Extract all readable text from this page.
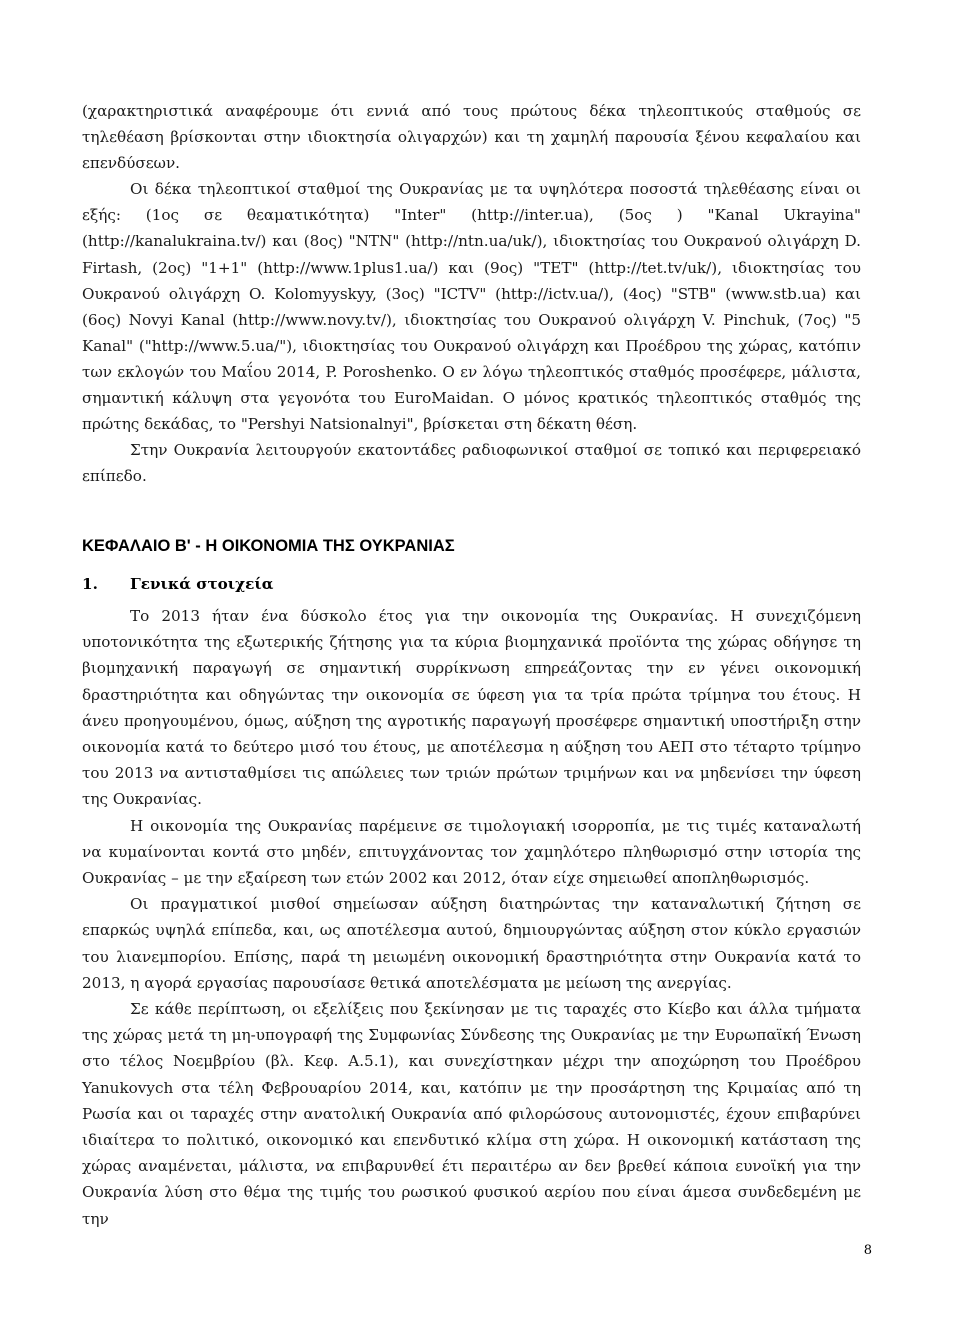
(χαρακτηριστικά αναφέρουμε ότι εννιά από τους πρώτους δέκα τηλεοπτικούς σταθμούς σε τηλεθέαση βρίσκονται στην ιδιοκτησία ολιγαρχών) και τη χαμηλή παρουσία ξένου κεφαλαίου και επενδύσεων.

Οι δέκα τηλεοπτικοί σταθμοί της Ουκρανίας με τα υψηλότερα ποσοστά τηλεθέασης είναι οι εξής: (1ος σε θεαματικότητα) "Inter" (http://inter.ua), (5ος ) "Kanal Ukrayina" (http://kanalukraina.tv/) και (8ος) "NTN" (http://ntn.ua/uk/), ιδιοκτησίας του Ουκρανού ολιγάρχη D. Firtash, (2ος) "1+1" (http://www.1plus1.ua/) και (9ος) "TET" (http://tet.tv/uk/), ιδιοκτησίας του Ουκρανού ολιγάρχη O. Kolomyyskyy, (3ος) "ICTV" (http://ictv.ua/), (4ος) "STB" (www.stb.ua) και (6ος) Novyi Kanal (http://www.novy.tv/), ιδιοκτησίας του Ουκρανού ολιγάρχη V. Pinchuk, (7ος) "5 Kanal" ("http://www.5.ua/"), ιδιοκτησίας του Ουκρανού ολιγάρχη και Προέδρου της χώρας, κατόπιν των εκλογών του Μαΐου 2014, P. Poroshenko. Ο εν λόγω τηλεοπτικός σταθμός προσέφερε, μάλιστα, σημαντική κάλυψη στα γεγονότα του EuroMaidan. Ο μόνος κρατικός τηλεοπτικός σταθμός της πρώτης δεκάδας, το "Pershyi Natsionalnyi", βρίσκεται στη δέκατη θέση.

Στην Ουκρανία λειτουργούν εκατοντάδες ραδιοφωνικοί σταθμοί σε τοπικό και περιφερειακό επίπεδο.

ΚΕΦΑΛΑΙΟ Β' - Η ΟΙΚΟΝΟΜΙΑ ΤΗΣ ΟΥΚΡΑΝΙΑΣ
1. Γενικά στοιχεία

Το 2013 ήταν ένα δύσκολο έτος για την οικονομία της Ουκρανίας. Η συνεχιζόμενη υποτονικότητα της εξωτερικής ζήτησης για τα κύρια βιομηχανικά προϊόντα της χώρας οδήγησε τη βιομηχανική παραγωγή σε σημαντική συρρίκνωση επηρεάζοντας την εν γένει οικονομική δραστηριότητα και οδηγώντας την οικονομία σε ύφεση για τα τρία πρώτα τρίμηνα του έτους. Η άνευ προηγουμένου, όμως, αύξηση της αγροτικής παραγωγή προσέφερε σημαντική υποστήριξη στην οικονομία κατά το δεύτερο μισό του έτους, με αποτέλεσμα η αύξηση του ΑΕΠ στο τέταρτο τρίμηνο του 2013 να αντισταθμίσει τις απώλειες των τριών πρώτων τριμήνων και να μηδενίσει την ύφεση της Ουκρανίας.

Η οικονομία της Ουκρανίας παρέμεινε σε τιμολογιακή ισορροπία, με τις τιμές καταναλωτή να κυμαίνονται κοντά στο μηδέν, επιτυγχάνοντας τον χαμηλότερο πληθωρισμό στην ιστορία της Ουκρανίας – με την εξαίρεση των ετών 2002 και 2012, όταν είχε σημειωθεί αποπληθωρισμός.

Οι πραγματικοί μισθοί σημείωσαν αύξηση διατηρώντας την καταναλωτική ζήτηση σε επαρκώς υψηλά επίπεδα, και, ως αποτέλεσμα αυτού, δημιουργώντας αύξηση στον κύκλο εργασιών του λιανεμπορίου. Επίσης, παρά τη μειωμένη οικονομική δραστηριότητα στην Ουκρανία κατά το 2013, η αγορά εργασίας παρουσίασε θετικά αποτελέσματα με μείωση της ανεργίας.

Σε κάθε περίπτωση, οι εξελίξεις που ξεκίνησαν με τις ταραχές στο Κίεβο και άλλα τμήματα της χώρας μετά τη μη-υπογραφή της Συμφωνίας Σύνδεσης της Ουκρανίας με την Ευρωπαϊκή Ένωση στο τέλος Νοεμβρίου (βλ. Κεφ. Α.5.1), και συνεχίστηκαν μέχρι την αποχώρηση του Προέδρου Yanukovych στα τέλη Φεβρουαρίου 2014, και, κατόπιν με την προσάρτηση της Κριμαίας από τη Ρωσία και οι ταραχές στην ανατολική Ουκρανία από φιλορώσους αυτονομιστές, έχουν επιβαρύνει ιδιαίτερα το πολιτικό, οικονομικό και επενδυτικό κλίμα στη χώρα. Η οικονομική κατάσταση της χώρας αναμένεται, μάλιστα, να επιβαρυνθεί έτι περαιτέρω αν δεν βρεθεί κάποια ευνοϊκή για την Ουκρανία λύση στο θέμα της τιμής του ρωσικού φυσικού αερίου που είναι άμεσα συνδεδεμένη με την

8
